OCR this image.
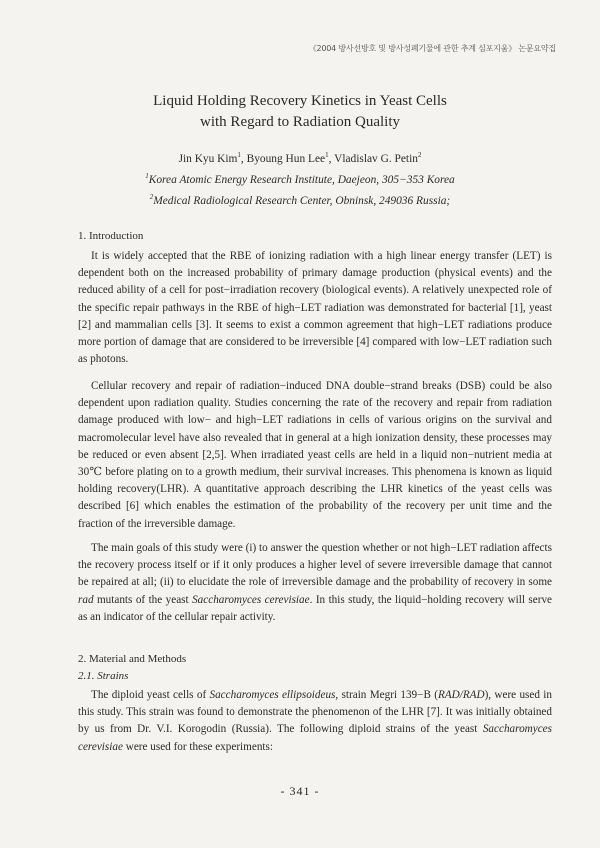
《2004 방사선방호 및 방사성폐기물에 관한 추계 심포지움》 논문요약집
Liquid Holding Recovery Kinetics in Yeast Cells
with Regard to Radiation Quality
Jin Kyu Kim$^1$, Byoung Hun Lee$^1$, Vladislav G. Petin$^2$
$^1$Korea Atomic Energy Research Institute, Daejeon, 305−353 Korea
$^2$Medical Radiological Research Center, Obninsk, 249036 Russia;
1. Introduction

It is widely accepted that the RBE of ionizing radiation with a high linear energy transfer (LET) is dependent both on the increased probability of primary damage production (physical events) and the reduced ability of a cell for post−irradiation recovery (biological events). A relatively unexpected role of the specific repair pathways in the RBE of high−LET radiation was demonstrated for bacterial [1], yeast [2] and mammalian cells [3]. It seems to exist a common agreement that high−LET radiations produce more portion of damage that are considered to be irreversible [4] compared with low−LET radiation such as photons.

Cellular recovery and repair of radiation−induced DNA double−strand breaks (DSB) could be also dependent upon radiation quality. Studies concerning the rate of the recovery and repair from radiation damage produced with low− and high−LET radiations in cells of various origins on the survival and macromolecular level have also revealed that in general at a high ionization density, these processes may be reduced or even absent [2,5]. When irradiated yeast cells are held in a liquid non−nutrient media at 30℃ before plating on to a growth medium, their survival increases. This phenomena is known as liquid holding recovery(LHR). A quantitative approach describing the LHR kinetics of the yeast cells was described [6] which enables the estimation of the probability of the recovery per unit time and the fraction of the irreversible damage.

The main goals of this study were (i) to answer the question whether or not high−LET radiation affects the recovery process itself or if it only produces a higher level of severe irreversible damage that cannot be repaired at all; (ii) to elucidate the role of irreversible damage and the probability of recovery in some rad mutants of the yeast Saccharomyces cerevisiae. In this study, the liquid−holding recovery will serve as an indicator of the cellular repair activity.

2. Material and Methods
2.1. Strains

The diploid yeast cells of Saccharomyces ellipsoideus, strain Megri 139−B (RAD/RAD), were used in this study. This strain was found to demonstrate the phenomenon of the LHR [7]. It was initially obtained by us from Dr. V.I. Korogodin (Russia). The following diploid strains of the yeast Saccharomyces cerevisiae were used for these experiments:

- 341 -
